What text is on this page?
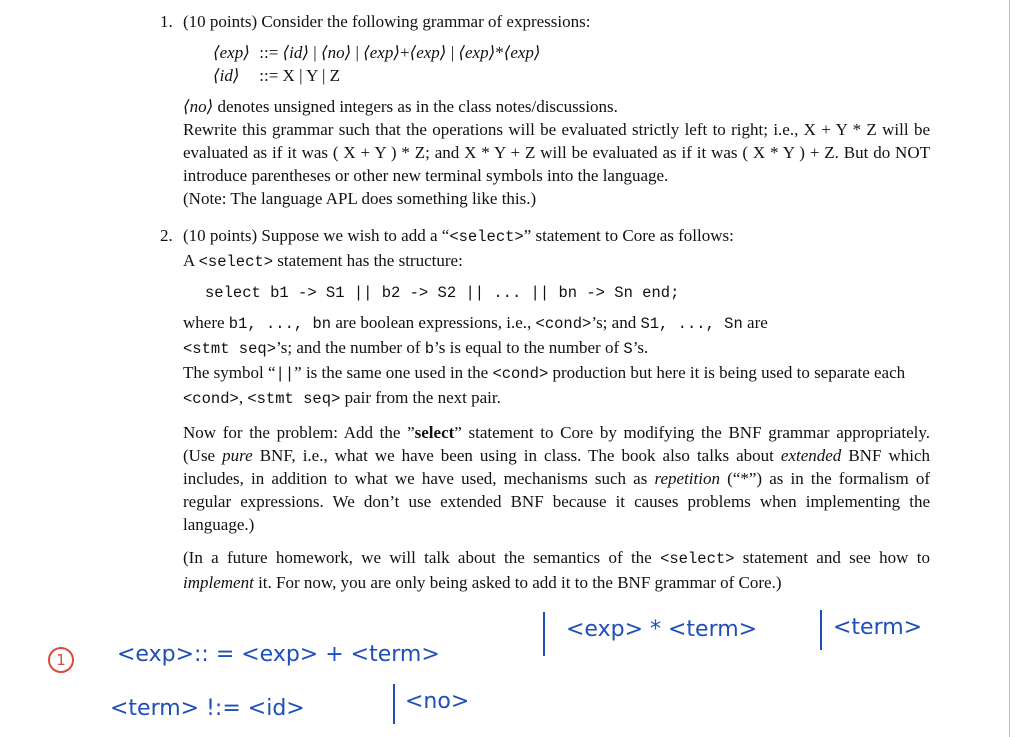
1. (10 points) Consider the following grammar of expressions:

⟨exp⟩ ::= ⟨id⟩ | ⟨no⟩ | ⟨exp⟩+⟨exp⟩ | ⟨exp⟩*⟨exp⟩
⟨id⟩ ::= X | Y | Z

⟨no⟩ denotes unsigned integers as in the class notes/discussions.

Rewrite this grammar such that the operations will be evaluated strictly left to right; i.e., X + Y * Z will be evaluated as if it was ( X + Y ) * Z; and X * Y + Z will be evaluated as if it was ( X * Y ) + Z. But do NOT introduce parentheses or other new terminal symbols into the language.

(Note: The language APL does something like this.)

2. (10 points) Suppose we wish to add a “<select>” statement to Core as follows:

A <select> statement has the structure:

select b1 -> S1 || b2 -> S2 || ... || bn -> Sn end;

where b1, ..., bn are boolean expressions, i.e., <cond>’s; and S1, ..., Sn are
<stmt seq>’s; and the number of b’s is equal to the number of S’s.

The symbol “||” is the same one used in the <cond> production but here it is being used to separate each <cond>, <stmt seq> pair from the next pair.

Now for the problem: Add the ”select” statement to Core by modifying the BNF grammar appropriately. (Use pure BNF, i.e., what we have been using in class. The book also talks about extended BNF which includes, in addition to what we have used, mechanisms such as repetition (“*”) as in the formalism of regular expressions. We don’t use extended BNF because it causes problems when implementing the language.)

(In a future homework, we will talk about the semantics of the <select> statement and see how to implement it. For now, you are only being asked to add it to the BNF grammar of Core.)

1	<exp>:: = <exp> + <term>
<exp> * <term>	<term>
<term> !:= <id>	<no>
